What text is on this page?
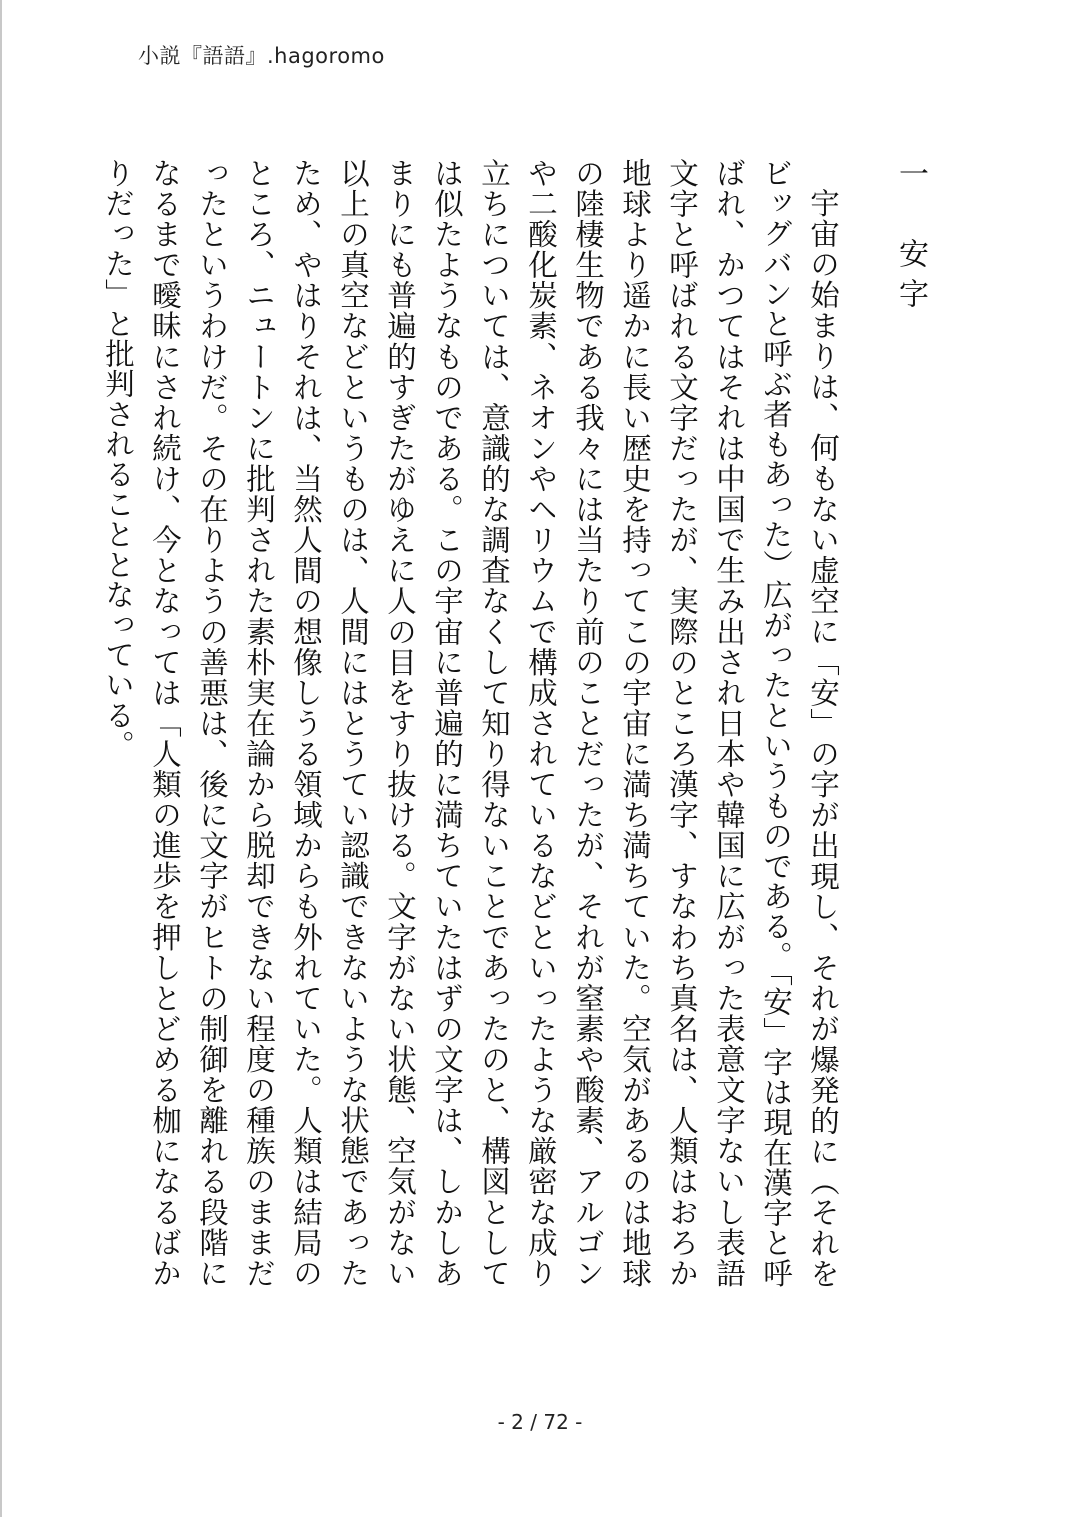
小説『語語』.hagoromo
一　安字

宇宙の始まりは、何もない虚空に「安」の字が出現し、それが爆発的に（それをビッグバンと呼ぶ者もあった）広がったというものである。「安」字は現在漢字と呼ばれ、かつてはそれは中国で生み出され日本や韓国に広がった表意文字ないし表語文字と呼ばれる文字だったが、実際のところ漢字、すなわち真名は、人類はおろか地球より遥かに長い歴史を持ってこの宇宙に満ち満ちていた。空気があるのは地球の陸棲生物である我々には当たり前のことだったが、それが窒素や酸素、アルゴンや二酸化炭素、ネオンやヘリウムで構成されているなどといったような厳密な成り立ちについては、意識的な調査なくして知り得ないことであったのと、構図としては似たようなものである。この宇宙に普遍的に満ちていたはずの文字は、しかしあまりにも普遍的すぎたがゆえに人の目をすり抜ける。文字がない状態、空気がない以上の真空などというものは、人間にはとうてい認識できないような状態であったため、やはりそれは、当然人間の想像しうる領域からも外れていた。人類は結局のところ、ニュートンに批判された素朴実在論から脱却できない程度の種族のままだったというわけだ。その在りようの善悪は、後に文字がヒトの制御を離れる段階になるまで曖昧にされ続け、今となっては「人類の進歩を押しとどめる枷になるばかりだった」と批判されることとなっている。

- 2 / 72 -
